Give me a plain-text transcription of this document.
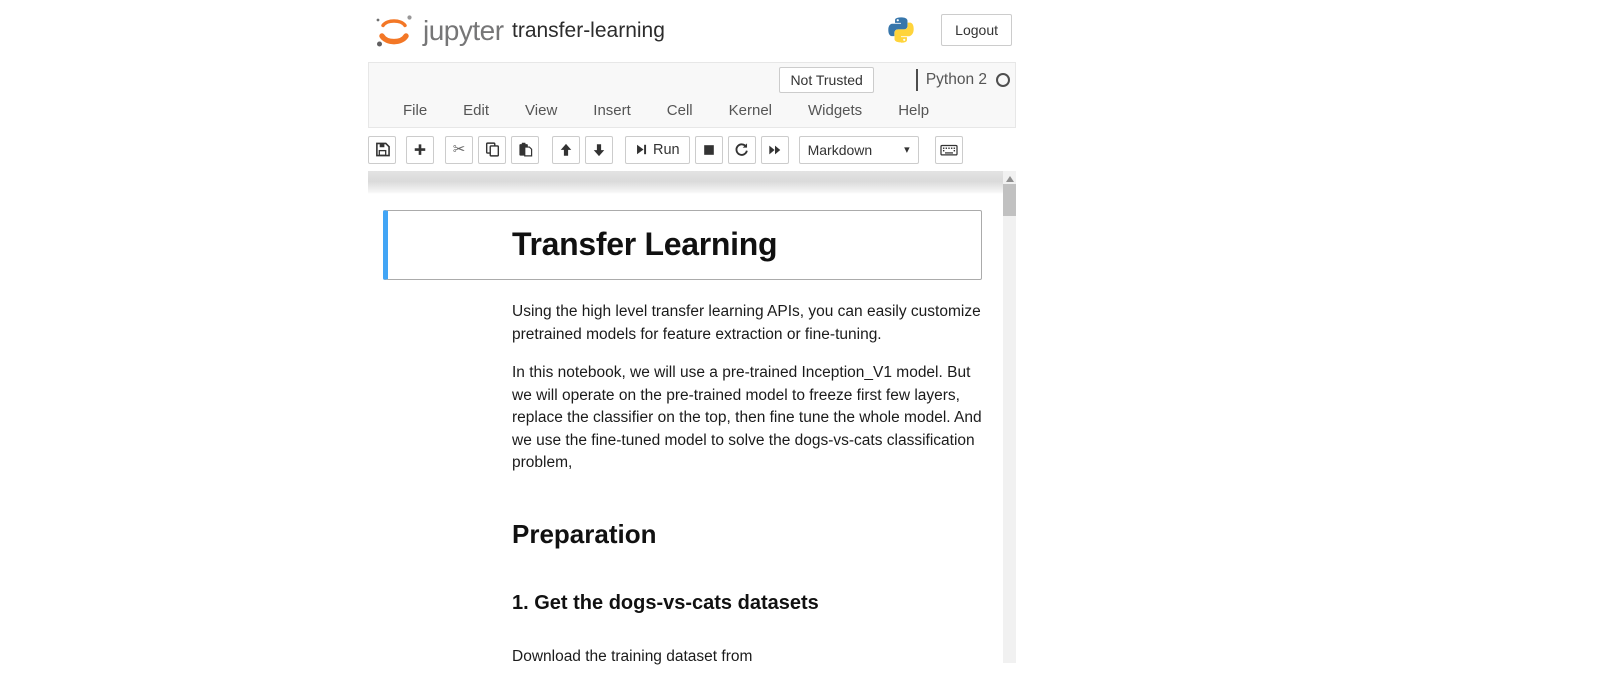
jupyter transfer-learning	Logout
Not Trusted	Python 2
File	Edit	View	Insert	Cell	Kernel	Widgets	Help
✂	Run	Markdown	▾
Transfer Learning

Using the high level transfer learning APIs, you can easily customize pretrained models for feature extraction or fine-tuning.

In this notebook, we will use a pre-trained Inception_V1 model. But we will operate on the pre-trained model to freeze first few layers, replace the classifier on the top, then fine tune the whole model. And we use the fine-tuned model to solve the dogs-vs-cats classification problem,

Preparation
1. Get the dogs-vs-cats datasets

Download the training dataset from
